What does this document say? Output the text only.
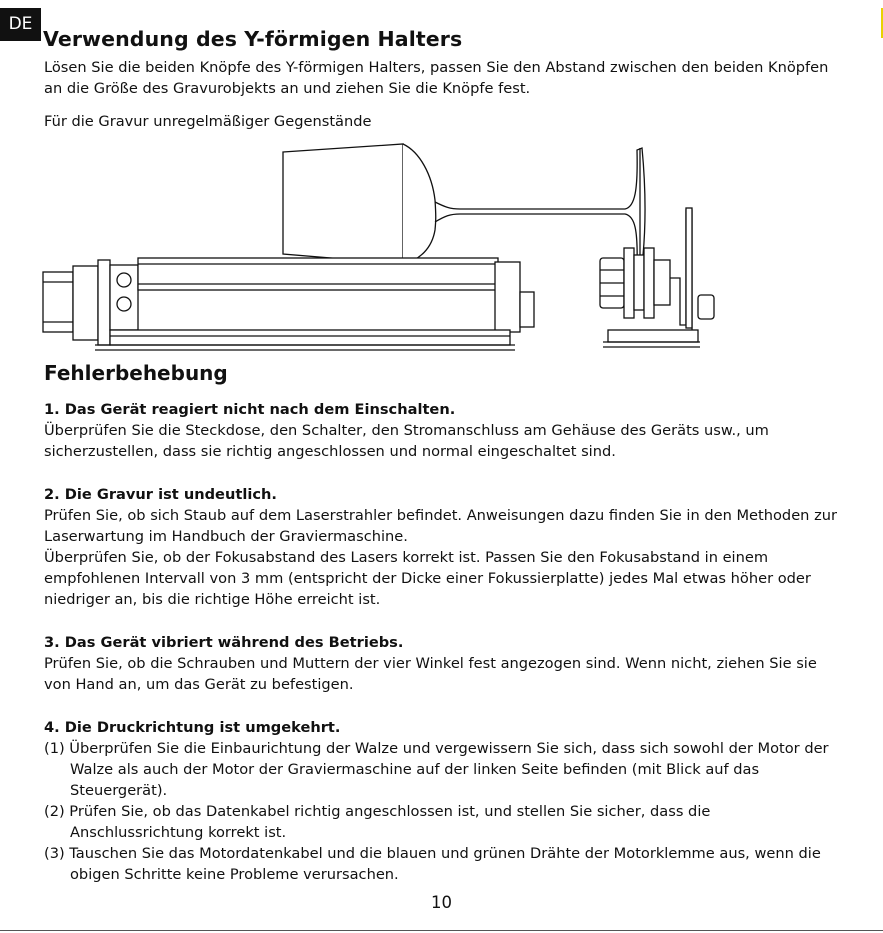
DE
Verwendung des Y-förmigen Halters
Lösen Sie die beiden Knöpfe des Y-förmigen Halters, passen Sie den Abstand zwischen den beiden Knöpfen an die Größe des Gravurobjekts an und ziehen Sie die Knöpfe fest.
Für die Gravur unregelmäßiger Gegenstände
Fehlerbehebung
1. Das Gerät reagiert nicht nach dem Einschalten.
Überprüfen Sie die Steckdose, den Schalter, den Stromanschluss am Gehäuse des Geräts usw., um sicherzustellen, dass sie richtig angeschlossen und normal eingeschaltet sind.
2. Die Gravur ist undeutlich.
Prüfen Sie, ob sich Staub auf dem Laserstrahler befindet. Anweisungen dazu finden Sie in den Methoden zur Laserwartung im Handbuch der Graviermaschine.
Überprüfen Sie, ob der Fokusabstand des Lasers korrekt ist. Passen Sie den Fokusabstand in einem empfohlenen Intervall von 3 mm (entspricht der Dicke einer Fokussierplatte) jedes Mal etwas höher oder niedriger an, bis die richtige Höhe erreicht ist.
3. Das Gerät vibriert während des Betriebs.
Prüfen Sie, ob die Schrauben und Muttern der vier Winkel fest angezogen sind. Wenn nicht, ziehen Sie sie von Hand an, um das Gerät zu befestigen.
4. Die Druckrichtung ist umgekehrt.
(1) Überprüfen Sie die Einbaurichtung der Walze und vergewissern Sie sich, dass sich sowohl der Motor der Walze als auch der Motor der Graviermaschine auf der linken Seite befinden (mit Blick auf das Steuergerät).
(2) Prüfen Sie, ob das Datenkabel richtig angeschlossen ist, und stellen Sie sicher, dass die Anschlussrichtung korrekt ist.
(3) Tauschen Sie das Motordatenkabel und die blauen und grünen Drähte der Motorklemme aus, wenn die obigen Schritte keine Probleme verursachen.
10
